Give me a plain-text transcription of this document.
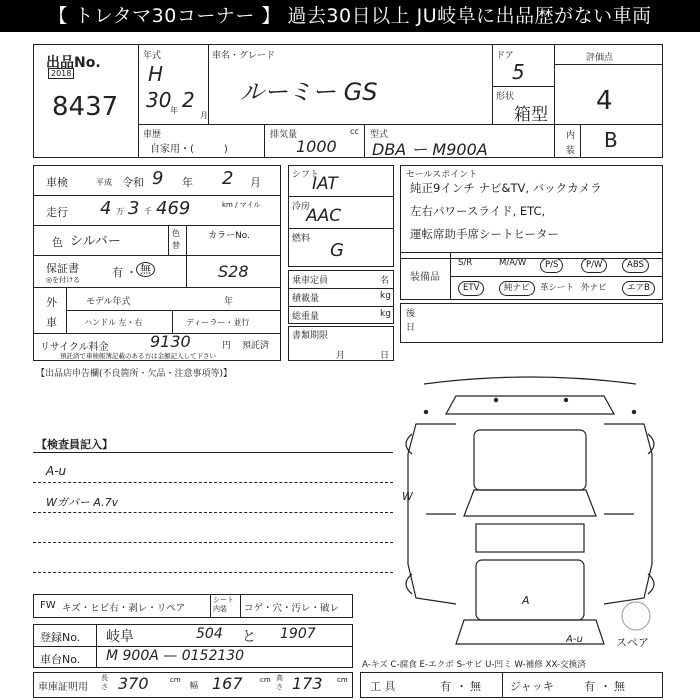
【 トレタマ30コーナー 】 過去30日以上 JU岐阜に出品歴がない車両
出品No.
2018
8437
年式
H
30
年 2
月
車名・グレード
ルーミー GS
ドア
5
形状
箱型
評価点
4
内
装 B
車歴
自家用・(　　　)
排気量	cc
1000
型式
DBA ー M900A
車検	平成 令和 9 年 2 月
走行 4 万 3 千 469	km / マイル
色 シルバー
色
替
カラーNo.
保証書
◎を付ける
有 ・ 無	S28
外
車
モデル年式	年
ハンドル 左・右	ディーラー・並行
リサイクル料金	9130	円 預託済
預託済で車検帳簿記載のある方は金額記入して下さい
シフト
IAT
冷房
AAC
燃料
G
乗車定員	名
積載量	kg
総重量	kg
書類期限
月	日
セールスポイント
純正9インチ ナビ&TV, バックカメラ
左右パワースライド, ETC,
運転席助手席シートヒーター
装備品
S/R	M/A/W	P/S	P/W	ABS
ETV	純ナビ	革シート 外ナビ	エアB
後
日
【出品店申告欄(不良箇所・欠品・注意事項等)】
【検査員記入】
A-u
Wガバー A.7v	W
A
A-u	スペア
FW キズ・ヒビ右・剥レ・リペア
シート 内装	コゲ・穴・汚レ・破レ
登録No. 岐阜	504 と 1907
車台No. M 900A — 0152130
車庫証明用
長さ 370	cm
幅 167 cm 高さ 173 cm
A-キズ C-腐食 E-エクボ S-サビ U-凹ミ W-補修 XX-交換済
工 具	有 ・ 無	ジャッキ	有 ・ 無
